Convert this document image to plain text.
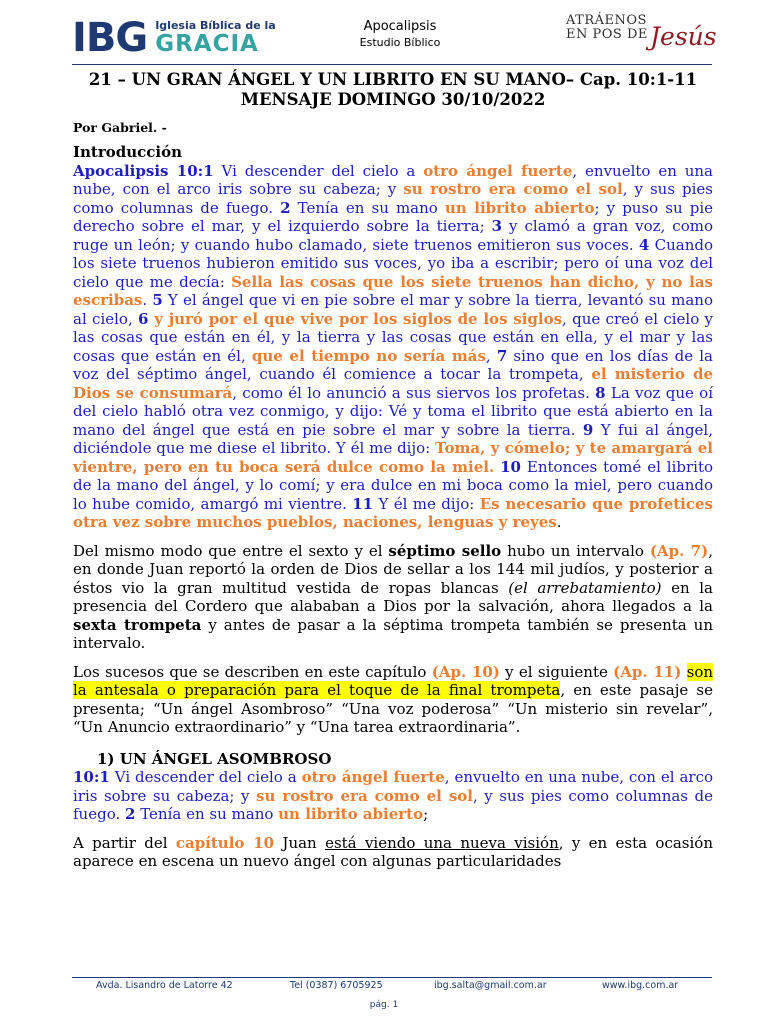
IBG Iglesia Bíblica de la
GRACIA
Apocalipsis
Estudio Bíblico
ATRÁENOS
EN POS DE Jesús
21 – UN GRAN ÁNGEL Y UN LIBRITO EN SU MANO– Cap. 10:1-11
MENSAJE DOMINGO 30/10/2022
Por Gabriel. -
Introducción

Apocalipsis 10:1 Vi descender del cielo a otro ángel fuerte, envuelto en una nube, con el arco iris sobre su cabeza; y su rostro era como el sol, y sus pies como columnas de fuego. 2 Tenía en su mano un librito abierto; y puso su pie derecho sobre el mar, y el izquierdo sobre la tierra; 3 y clamó a gran voz, como ruge un león; y cuando hubo clamado, siete truenos emitieron sus voces. 4 Cuando los siete truenos hubieron emitido sus voces, yo iba a escribir; pero oí una voz del cielo que me decía: Sella las cosas que los siete truenos han dicho, y no las escribas. 5 Y el ángel que vi en pie sobre el mar y sobre la tierra, levantó su mano al cielo, 6 y juró por el que vive por los siglos de los siglos, que creó el cielo y las cosas que están en él, y la tierra y las cosas que están en ella, y el mar y las cosas que están en él, que el tiempo no sería más, 7 sino que en los días de la voz del séptimo ángel, cuando él comience a tocar la trompeta, el misterio de Dios se consumará, como él lo anunció a sus siervos los profetas. 8 La voz que oí del cielo habló otra vez conmigo, y dijo: Vé y toma el librito que está abierto en la mano del ángel que está en pie sobre el mar y sobre la tierra. 9 Y fui al ángel, diciéndole que me diese el librito. Y él me dijo: Toma, y cómelo; y te amargará el vientre, pero en tu boca será dulce como la miel. 10 Entonces tomé el librito de la mano del ángel, y lo comí; y era dulce en mi boca como la miel, pero cuando lo hube comido, amargó mi vientre. 11 Y él me dijo: Es necesario que profetices otra vez sobre muchos pueblos, naciones, lenguas y reyes.

Del mismo modo que entre el sexto y el séptimo sello hubo un intervalo (Ap. 7), en donde Juan reportó la orden de Dios de sellar a los 144 mil judíos, y posterior a éstos vio la gran multitud vestida de ropas blancas (el arrebatamiento) en la presencia del Cordero que alababan a Dios por la salvación, ahora llegados a la sexta trompeta y antes de pasar a la séptima trompeta también se presenta un intervalo.

Los sucesos que se describen en este capítulo (Ap. 10) y el siguiente (Ap. 11) son la antesala o preparación para el toque de la final trompeta, en este pasaje se presenta; “Un ángel Asombroso” “Una voz poderosa” “Un misterio sin revelar”, “Un Anuncio extraordinario” y “Una tarea extraordinaria”.

1) UN ÁNGEL ASOMBROSO

10:1 Vi descender del cielo a otro ángel fuerte, envuelto en una nube, con el arco iris sobre su cabeza; y su rostro era como el sol, y sus pies como columnas de fuego. 2 Tenía en su mano un librito abierto;

A partir del capítulo 10 Juan está viendo una nueva visión, y en esta ocasión aparece en escena un nuevo ángel con algunas particularidades

Avda. Lisandro de Latorre 42	Tel (0387) 6705925	ibg.salta@gmail.com.ar	www.ibg.com.ar
pág. 1
